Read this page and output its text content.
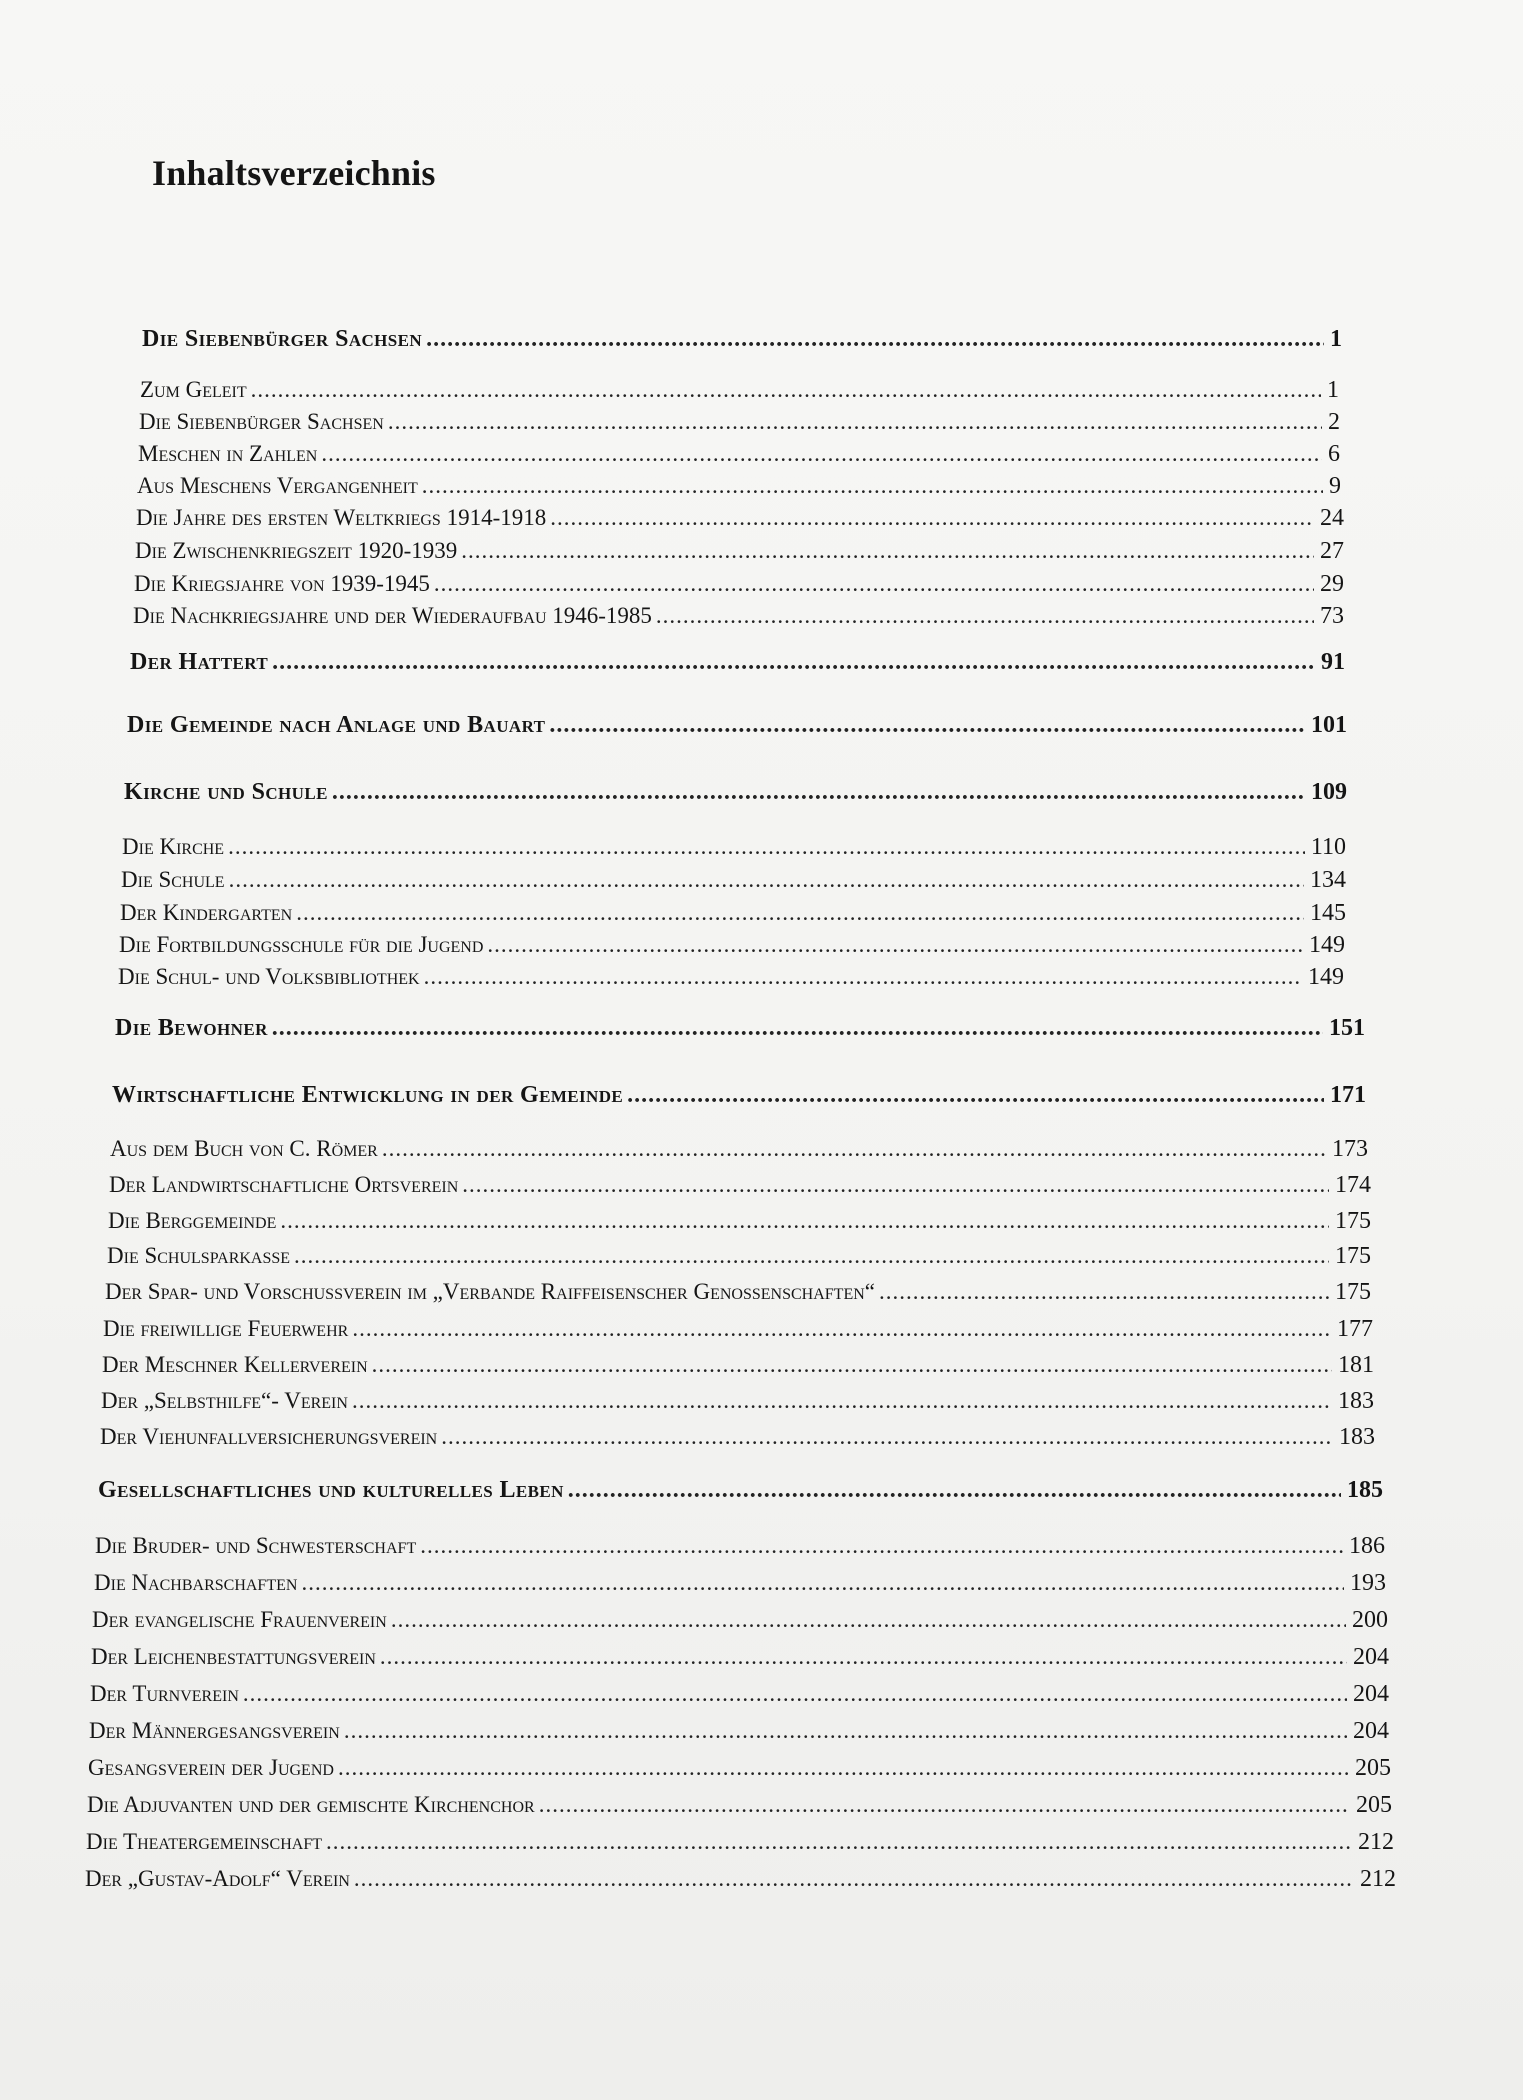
Inhaltsverzeichnis
Die Siebenbürger Sachsen .....	1
Zum Geleit .....	1
Die Siebenbürger Sachsen .....	2
Meschen in Zahlen .....	6
Aus Meschens Vergangenheit .....	9
Die Jahre des ersten Weltkriegs 1914-1918 .....	24
Die Zwischenkriegszeit 1920-1939 .....	27
Die Kriegsjahre von 1939-1945 .....	29
Die Nachkriegsjahre und der Wiederaufbau 1946-1985 .....	73
Der Hattert .....	91
Die Gemeinde nach Anlage und Bauart .....	101
Kirche und Schule .....	109
Die Kirche .....	110
Die Schule .....	134
Der Kindergarten .....	145
Die Fortbildungsschule für die Jugend .....	149
Die Schul- und Volksbibliothek .....	149
Die Bewohner .....	151
Wirtschaftliche Entwicklung in der Gemeinde .....	171
Aus dem Buch von C. Römer .....	173
Der Landwirtschaftliche Ortsverein .....	174
Die Berggemeinde .....	175
Die Schulsparkasse .....	175
Der Spar- und Vorschußverein im „Verbande Raiffeisenscher Genossenschaften“ .....	175
Die freiwillige Feuerwehr .....	177
Der Meschner Kellerverein .....	181
Der „Selbsthilfe“- Verein .....	183
Der Viehunfallversicherungsverein .....	183
Gesellschaftliches und kulturelles Leben .....	185
Die Bruder- und Schwesterschaft .....	186
Die Nachbarschaften .....	193
Der evangelische Frauenverein .....	200
Der Leichenbestattungsverein .....	204
Der Turnverein .....	204
Der Männergesangsverein .....	204
Gesangsverein der Jugend .....	205
Die Adjuvanten und der gemischte Kirchenchor .....	205
Die Theatergemeinschaft .....	212
Der „Gustav-Adolf“ Verein .....	212
